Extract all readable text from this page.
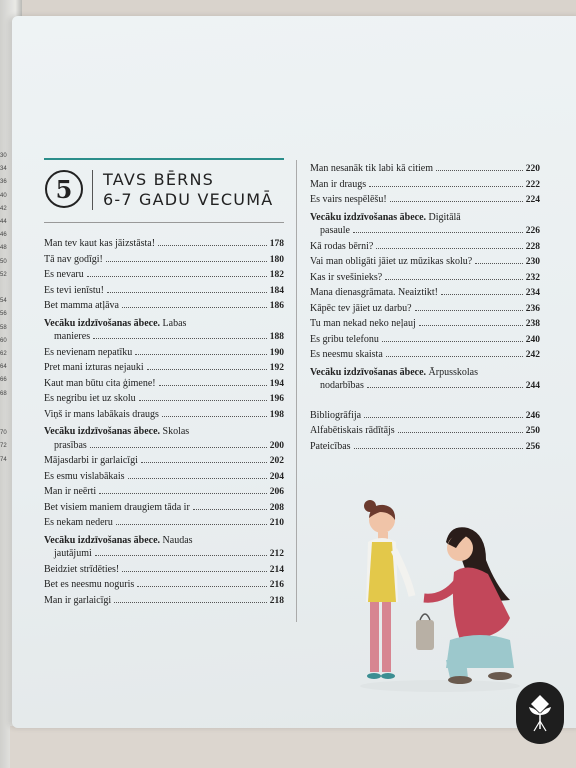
30
34
36
40
42
44
46
48
50
52

54
56
58
60
62
64
66
68

70
72
74
5 TAVS BĒRNS
6-7 GADU VECUMĀ
Man tev kaut kas jāizstāsta!	178
Tā nav godīgi!	180
Es nevaru	182
Es tevi ienīstu!	184
Bet mamma atļāva	186
Vecāku izdzīvošanas ābece. Labas
manieres	188
Es nevienam nepatīku	190
Pret mani izturas nejauki	192
Kaut man būtu cita ģimene!	194
Es negribu iet uz skolu	196
Viņš ir mans labākais draugs	198
Vecāku izdzīvošanas ābece. Skolas
prasības	200
Mājasdarbi ir garlaicīgi	202
Es esmu vislabākais	204
Man ir neērti	206
Bet visiem maniem draugiem tāda ir	208
Es nekam nederu	210
Vecāku izdzīvošanas ābece. Naudas
jautājumi	212
Beidziet strīdēties!	214
Bet es neesmu noguris	216
Man ir garlaicīgi	218
Man nesanāk tik labi kā citiem	220
Man ir draugs	222
Es vairs nespēlēšu!	224
Vecāku izdzīvošanas ābece. Digitālā
pasaule	226
Kā rodas bērni?	228
Vai man obligāti jāiet uz mūzikas skolu?	230
Kas ir svešinieks?	232
Mana dienasgrāmata. Neaiztikt!	234
Kāpēc tev jāiet uz darbu?	236
Tu man nekad neko neļauj	238
Es gribu telefonu	240
Es neesmu skaista	242
Vecāku izdzīvošanas ābece. Ārpusskolas
nodarbības	244
Bibliogrāfija	246
Alfabētiskais rādītājs	250
Pateicības	256
